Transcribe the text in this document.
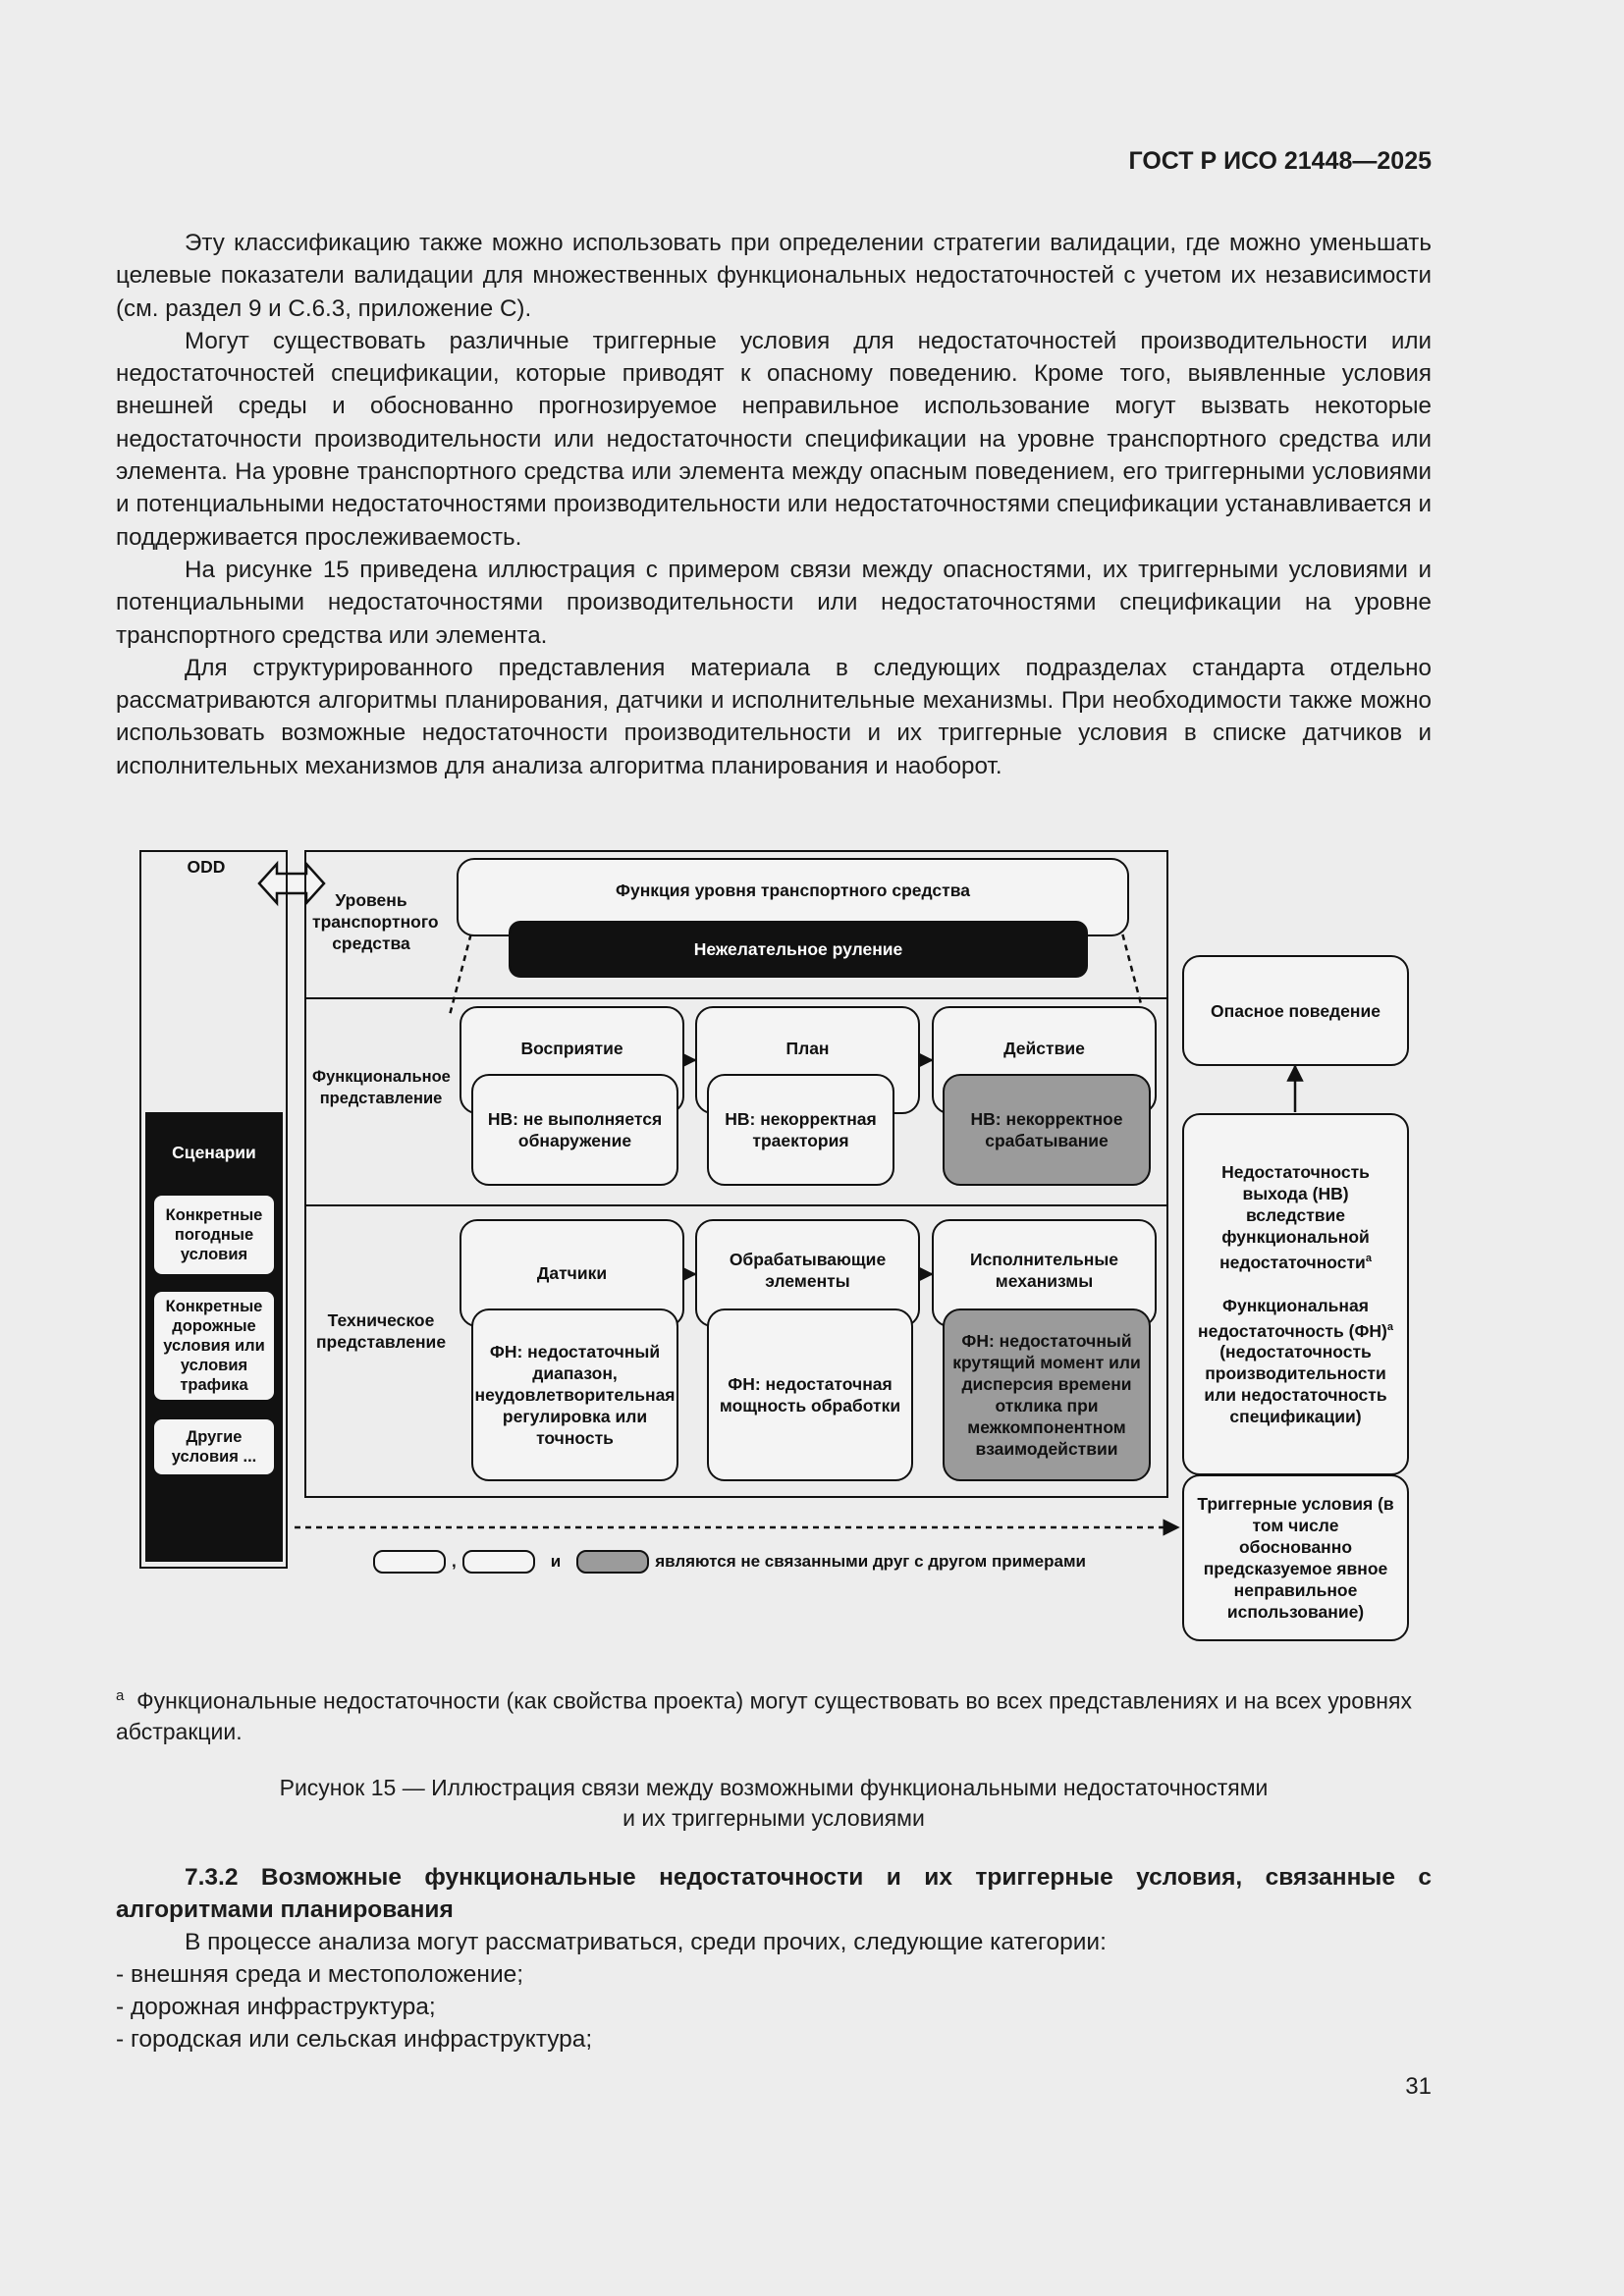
ГОСТ Р ИСО 21448—2025

Эту классификацию также можно использовать при определении стратегии валидации, где можно уменьшать целевые показатели валидации для множественных функциональных недостаточностей с учетом их независимости (см. раздел 9 и С.6.3, приложение С).

Могут существовать различные триггерные условия для недостаточностей производительности или недостаточностей спецификации, которые приводят к опасному поведению. Кроме того, выявленные условия внешней среды и обоснованно прогнозируемое неправильное использование могут вызвать некоторые недостаточности производительности или недостаточности спецификации на уровне транспортного средства или элемента. На уровне транспортного средства или элемента между опасным поведением, его триггерными условиями и потенциальными недостаточностями производительности или недостаточностями спецификации устанавливается и поддерживается прослеживаемость.

На рисунке 15 приведена иллюстрация с примером связи между опасностями, их триггерными условиями и потенциальными недостаточностями производительности или недостаточностями спецификации на уровне транспортного средства или элемента.

Для структурированного представления материала в следующих подразделах стандарта отдельно рассматриваются алгоритмы планирования, датчики и исполнительные механизмы. При необходимости также можно использовать возможные недостаточности производительности и их триггерные условия в списке датчиков и исполнительных механизмов для анализа алгоритма планирования и наоборот.

ODD
Сценарии
Конкретные погодные условия
Конкретные дорожные условия или условия трафика
Другие условия ...
Уровень транспортного средства
Функция уровня транспортного средства
Нежелательное руление
Функциональное представление
Восприятие
НВ: не выполняется обнаружение
План
НВ: некорректная траектория
Действие
НВ: некорректное срабатывание
Техническое представление
Датчики
ФН: недостаточный диапазон, неудовлетворительная регулировка или точность
Обрабатывающие элементы
ФН: недостаточная мощность обработки
Исполнительные механизмы
ФН: недостаточный крутящий момент или дисперсия времени отклика при межкомпонентном взаимодействии
Опасное поведение
Недостаточность выхода (НВ) вследствие функциональной недостаточности$^a$
Функциональная недостаточность (ФН)$^a$
(недостаточность производительности или недостаточность спецификации)
Триггерные условия (в том числе обоснованно предсказуемое явное неправильное использование)
,	и	являются не связанными друг с другом примерами
$^a$ Функциональные недостаточности (как свойства проекта) могут существовать во всех представлениях и на всех уровнях абстракции.
Рисунок 15 — Иллюстрация связи между возможными функциональными недостаточностями
и их триггерными условиями
7.3.2 Возможные функциональные недостаточности и их триггерные условия, связанные с алгоритмами планирования

В процессе анализа могут рассматриваться, среди прочих, следующие категории:

- внешняя среда и местоположение;
- дорожная инфраструктура;
- городская или сельская инфраструктура;
31
